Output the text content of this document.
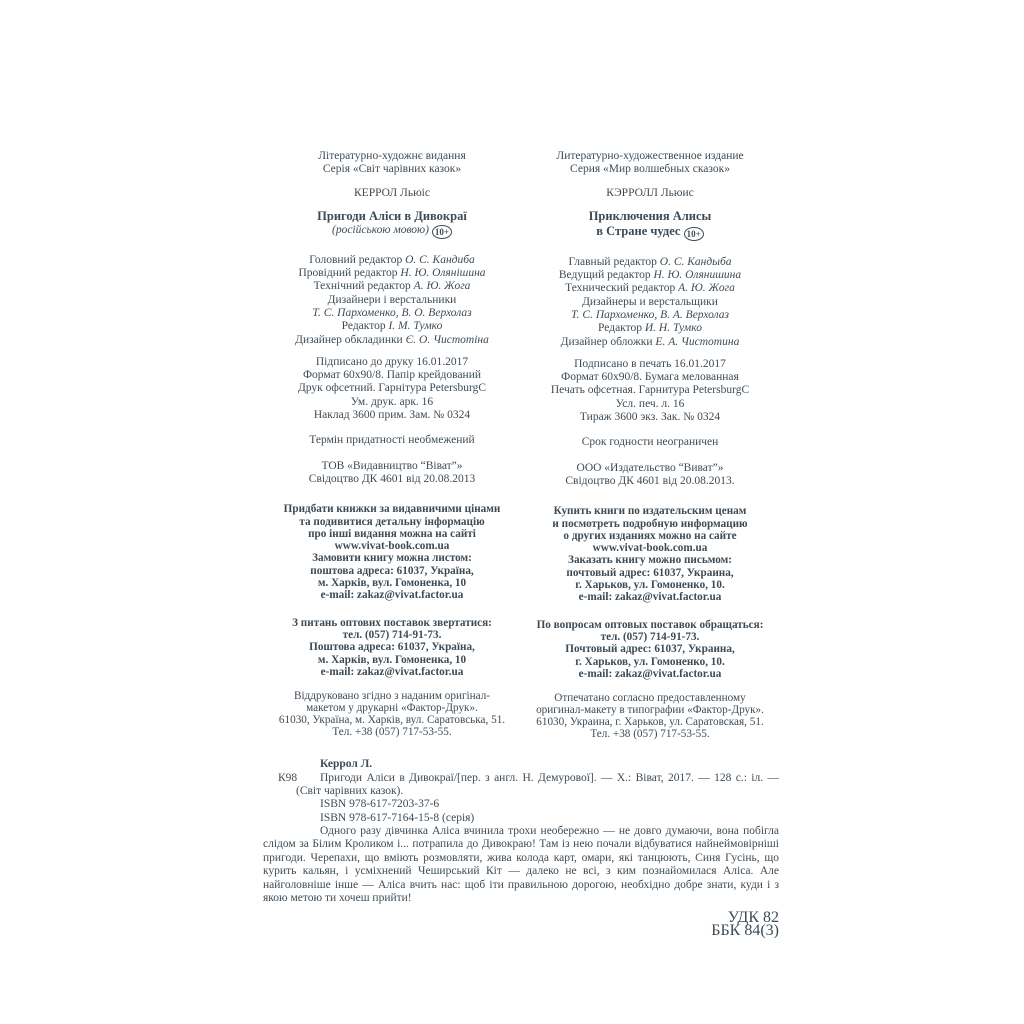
Літературно-художнє видання
Серія «Світ чарівних казок»
КЕРРОЛ Льюіс
Пригоди Аліси в Дивокраї
(російською мовою) 10+
Головний редактор О. С. Кандиба
Провідний редактор Н. Ю. Олянішина
Технічний редактор А. Ю. Жога
Дизайнери і верстальники
Т. С. Пархоменко, В. О. Верхолаз
Редактор І. М. Тумко
Дизайнер обкладинки Є. О. Чистотіна
Підписано до друку 16.01.2017
Формат 60х90/8. Папір крейдований
Друк офсетний. Гарнітура PetersburgC
Ум. друк. арк. 16
Наклад 3600 прим. Зам. № 0324
Термін придатності необмежений
ТОВ «Видавництво “Віват”»
Свідоцтво ДК 4601 від 20.08.2013
Придбати книжки за видавничими цінами
та подивитися детальну інформацію
про інші видання можна на сайті
www.vivat-book.com.ua
Замовити книгу можна листом:
поштова адреса: 61037, Україна,
м. Харків, вул. Гомоненка, 10
e-mail: zakaz@vivat.factor.ua
З питань оптових поставок звертатися:
тел. (057) 714-91-73.
Поштова адреса: 61037, Україна,
м. Харків, вул. Гомоненка, 10
e-mail: zakaz@vivat.factor.ua
Віддруковано згідно з наданим оригінал-
макетом у друкарні «Фактор-Друк».
61030, Україна, м. Харків, вул. Саратовська, 51.
Тел. +38 (057) 717-53-55.
Литературно-художественное издание
Серия «Мир волшебных сказок»
КЭРРОЛЛ Льюис
Приключения Алисы
в Стране чудес 10+
Главный редактор О. С. Кандыба
Ведущий редактор Н. Ю. Олянишина
Технический редактор А. Ю. Жога
Дизайнеры и верстальщики
Т. С. Пархоменко, В. А. Верхолаз
Редактор И. Н. Тумко
Дизайнер обложки Е. А. Чистотина
Подписано в печать 16.01.2017
Формат 60х90/8. Бумага мелованная
Печать офсетная. Гарнитура PetersburgC
Усл. печ. л. 16
Тираж 3600 экз. Зак. № 0324
Срок годности неограничен
ООО «Издательство “Виват”»
Свідоцтво ДК 4601 від 20.08.2013.
Купить книги по издательским ценам
и посмотреть подробную информацию
о других изданиях можно на сайте
www.vivat-book.com.ua
Заказать книгу можно письмом:
почтовый адрес: 61037, Украина,
г. Харьков, ул. Гомоненко, 10.
e-mail: zakaz@vivat.factor.ua
По вопросам оптовых поставок обращаться:
тел. (057) 714-91-73.
Почтовый адрес: 61037, Украина,
г. Харьков, ул. Гомоненко, 10.
e-mail: zakaz@vivat.factor.ua
Отпечатано согласно предоставленному
оригинал-макету в типографии «Фактор-Друк».
61030, Украина, г. Харьков, ул. Саратовская, 51.
Тел. +38 (057) 717-53-55.
Керрол Л.
К98	Пригоди Аліси в Дивокраї/[пер. з англ. Н. Демурової]. — Х.: Віват, 2017. — 128 с.: іл. — (Світ чарівних казок).
ISBN 978-617-7203-37-6
ISBN 978-617-7164-15-8 (серія)
Одного разу дівчинка Аліса вчинила трохи необережно — не довго думаючи, вона побігла слідом за Білим Кроликом і... потрапила до Дивокраю! Там із нею почали відбуватися найнеймовірніші пригоди. Черепахи, що вміють розмовляти, жива колода карт, омари, які танцюють, Синя Гусінь, що курить кальян, і усміхнений Чеширський Кіт — далеко не всі, з ким познайомилася Аліса. Але найголовніше інше — Аліса вчить нас: щоб іти правильною дорогою, необхідно добре знати, куди і з якою метою ти хочеш прийти!
УДК 82
ББК 84(3)
